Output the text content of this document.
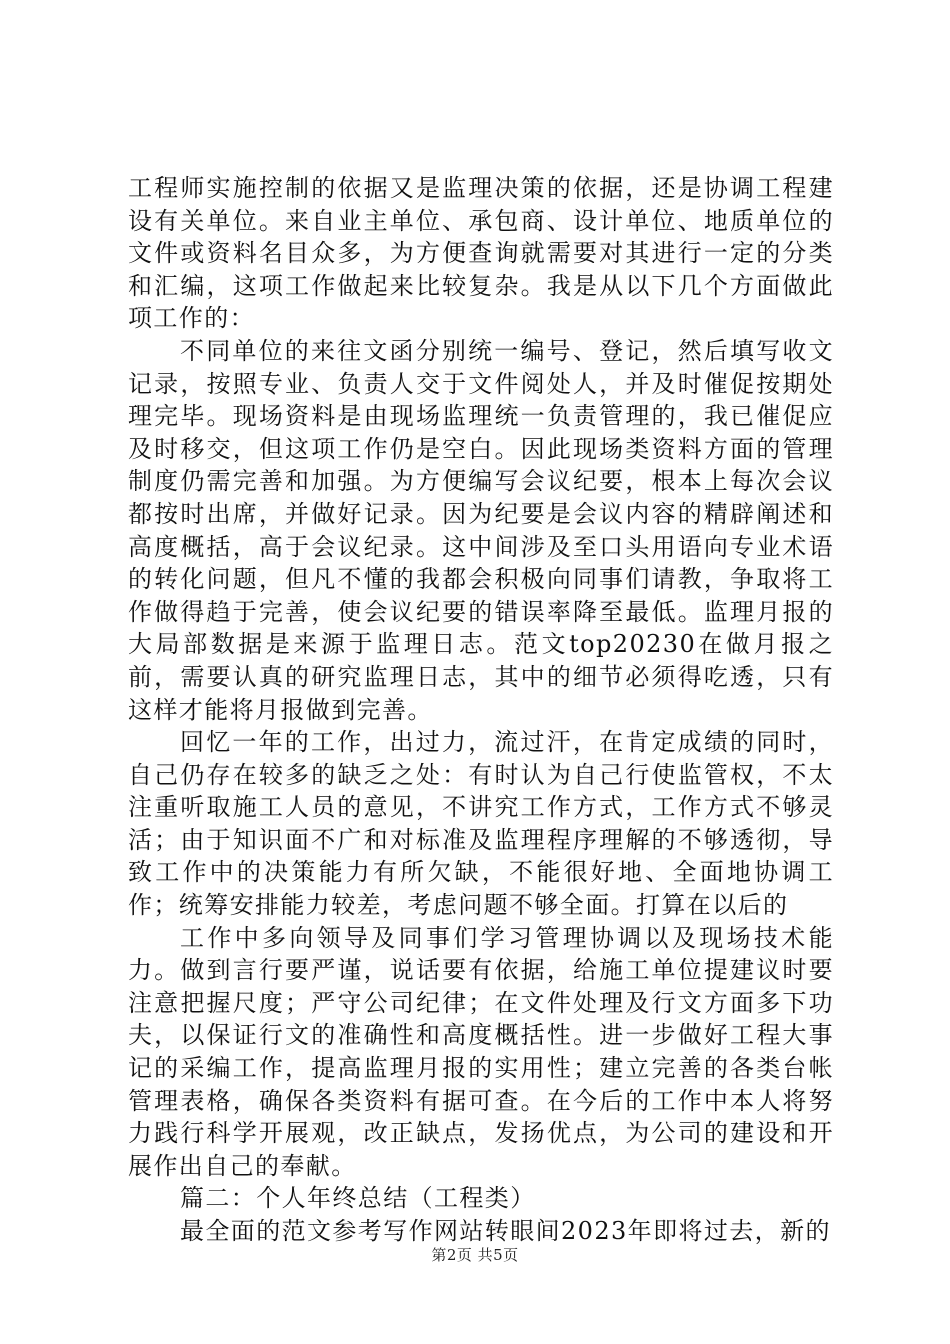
工程师实施控制的依据又是监理决策的依据，还是协调工程建设有关单位。来自业主单位、承包商、设计单位、地质单位的文件或资料名目众多，为方便查询就需要对其进行一定的分类和汇编，这项工作做起来比较复杂。我是从以下几个方面做此项工作的：

不同单位的来往文函分别统一编号、登记，然后填写收文记录，按照专业、负责人交于文件阅处人，并及时催促按期处理完毕。现场资料是由现场监理统一负责管理的，我已催促应及时移交，但这项工作仍是空白。因此现场类资料方面的管理制度仍需完善和加强。为方便编写会议纪要，根本上每次会议都按时出席，并做好记录。因为纪要是会议内容的精辟阐述和高度概括，高于会议纪录。这中间涉及至口头用语向专业术语的转化问题，但凡不懂的我都会积极向同事们请教，争取将工作做得趋于完善，使会议纪要的错误率降至最低。监理月报的大局部数据是来源于监理日志。范文top20230在做月报之前，需要认真的研究监理日志，其中的细节必须得吃透，只有这样才能将月报做到完善。

回忆一年的工作，出过力，流过汗，在肯定成绩的同时，自己仍存在较多的缺乏之处：有时认为自己行使监管权，不太注重听取施工人员的意见，不讲究工作方式，工作方式不够灵活；由于知识面不广和对标准及监理程序理解的不够透彻，导致工作中的决策能力有所欠缺，不能很好地、全面地协调工作；统筹安排能力较差，考虑问题不够全面。打算在以后的

工作中多向领导及同事们学习管理协调以及现场技术能力。做到言行要严谨，说话要有依据，给施工单位提建议时要注意把握尺度；严守公司纪律；在文件处理及行文方面多下功夫，以保证行文的准确性和高度概括性。进一步做好工程大事记的采编工作，提高监理月报的实用性；建立完善的各类台帐管理表格，确保各类资料有据可查。在今后的工作中本人将努力践行科学开展观，改正缺点，发扬优点，为公司的建设和开展作出自己的奉献。

篇二：个人年终总结（工程类）

最全面的范文参考写作网站转眼间2023年即将过去，新的

第2页 共5页
